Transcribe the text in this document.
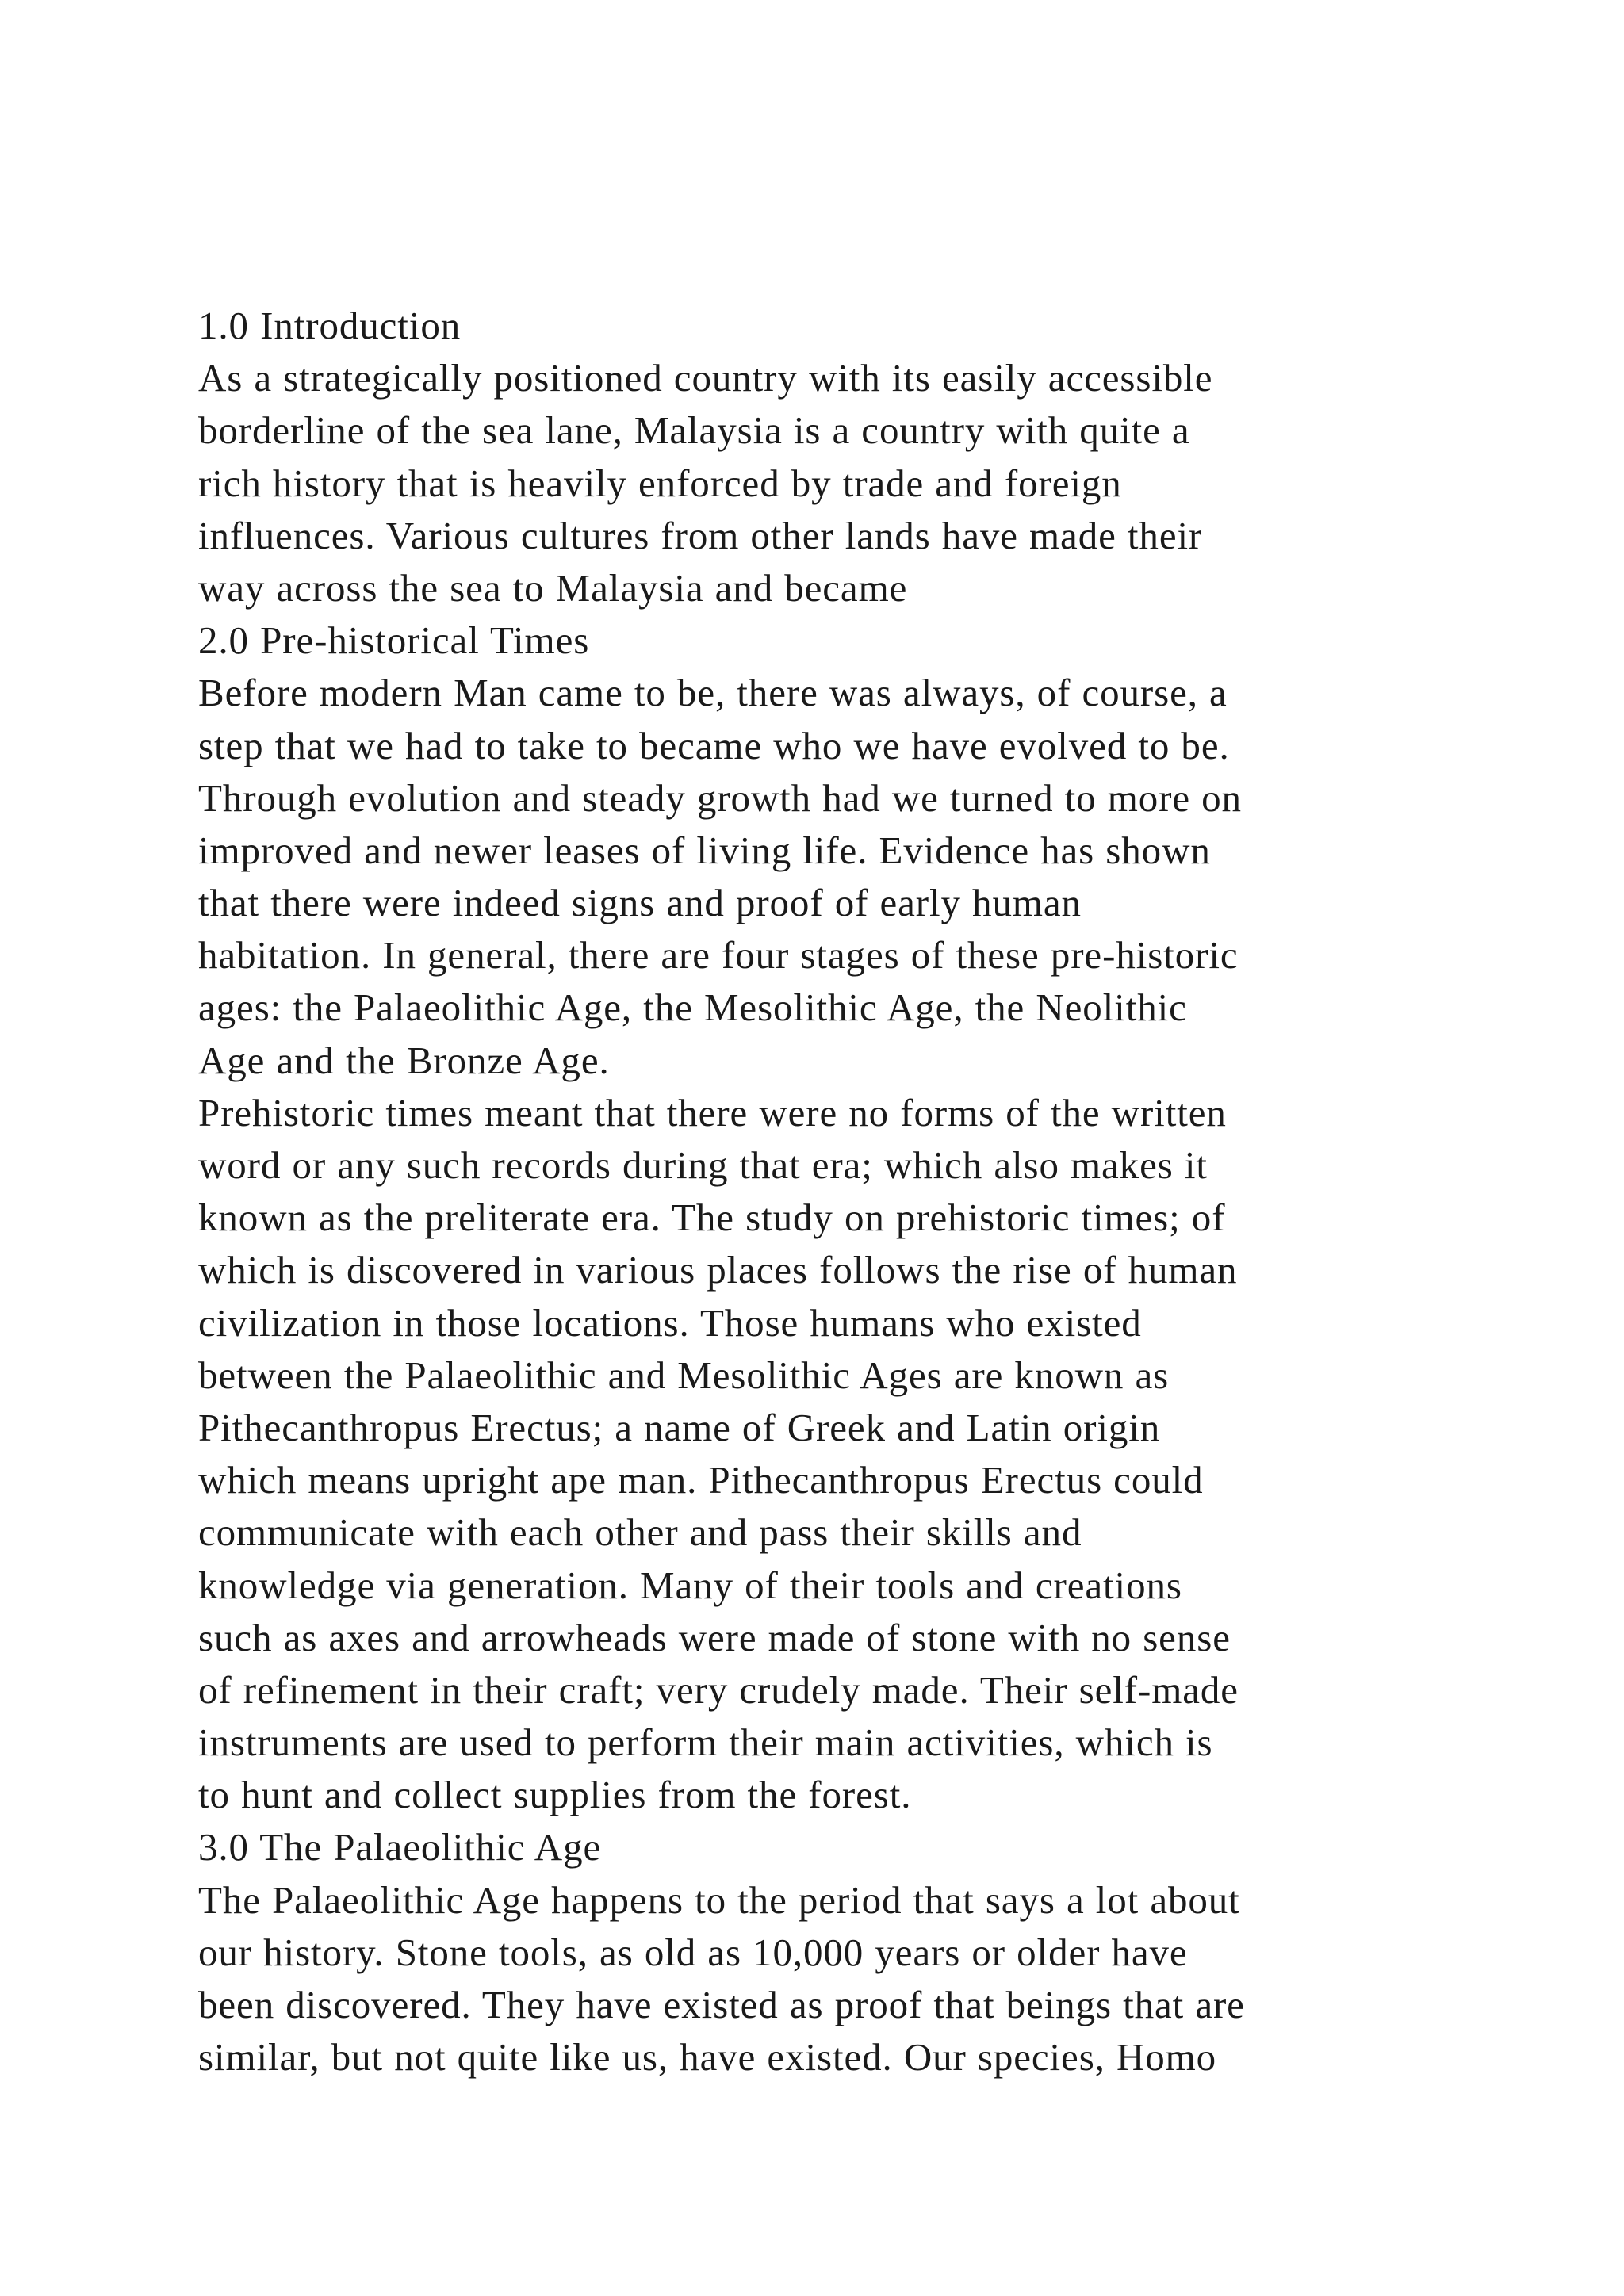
1.0 Introduction
As a strategically positioned country with its easily accessible
borderline of the sea lane, Malaysia is a country with quite a
rich history that is heavily enforced by trade and foreign
influences. Various cultures from other lands have made their
way across the sea to Malaysia and became
2.0 Pre-historical Times
Before modern Man came to be, there was always, of course, a
step that we had to take to became who we have evolved to be.
Through evolution and steady growth had we turned to more on
improved and newer leases of living life. Evidence has shown
that there were indeed signs and proof of early human
habitation. In general, there are four stages of these pre-historic
ages: the Palaeolithic Age, the Mesolithic Age, the Neolithic
Age and the Bronze Age.
Prehistoric times meant that there were no forms of the written
word or any such records during that era; which also makes it
known as the preliterate era. The study on prehistoric times; of
which is discovered in various places follows the rise of human
civilization in those locations. Those humans who existed
between the Palaeolithic and Mesolithic Ages are known as
Pithecanthropus Erectus; a name of Greek and Latin origin
which means upright ape man. Pithecanthropus Erectus could
communicate with each other and pass their skills and
knowledge via generation. Many of their tools and creations
such as axes and arrowheads were made of stone with no sense
of refinement in their craft; very crudely made. Their self-made
instruments are used to perform their main activities, which is
to hunt and collect supplies from the forest.
3.0 The Palaeolithic Age
The Palaeolithic Age happens to the period that says a lot about
our history. Stone tools, as old as 10,000 years or older have
been discovered. They have existed as proof that beings that are
similar, but not quite like us, have existed. Our species, Homo
